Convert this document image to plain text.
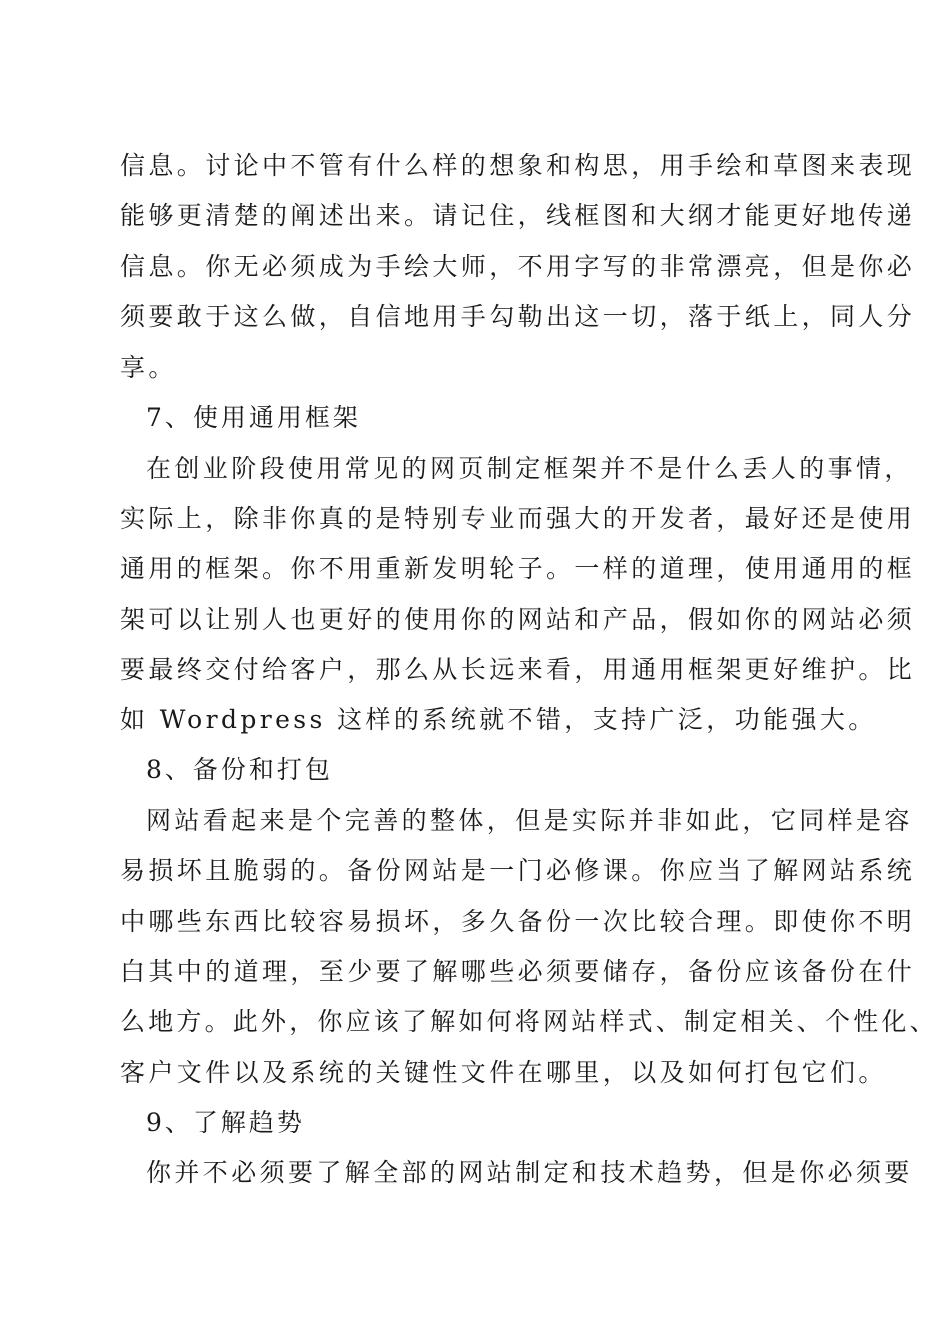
信息。讨论中不管有什么样的想象和构思，用手绘和草图来表现
能够更清楚的阐述出来。请记住，线框图和大纲才能更好地传递
信息。你无必须成为手绘大师，不用字写的非常漂亮，但是你必
须要敢于这么做，自信地用手勾勒出这一切，落于纸上，同人分
享。
7、使用通用框架
在创业阶段使用常见的网页制定框架并不是什么丢人的事情，
实际上，除非你真的是特别专业而强大的开发者，最好还是使用
通用的框架。你不用重新发明轮子。一样的道理，使用通用的框
架可以让别人也更好的使用你的网站和产品，假如你的网站必须
要最终交付给客户，那么从长远来看，用通用框架更好维护。比
如 Wordpress 这样的系统就不错，支持广泛，功能强大。
8、备份和打包
网站看起来是个完善的整体，但是实际并非如此，它同样是容
易损坏且脆弱的。备份网站是一门必修课。你应当了解网站系统
中哪些东西比较容易损坏，多久备份一次比较合理。即使你不明
白其中的道理，至少要了解哪些必须要储存，备份应该备份在什
么地方。此外，你应该了解如何将网站样式、制定相关、个性化、
客户文件以及系统的关键性文件在哪里，以及如何打包它们。
9、了解趋势
你并不必须要了解全部的网站制定和技术趋势，但是你必须要
